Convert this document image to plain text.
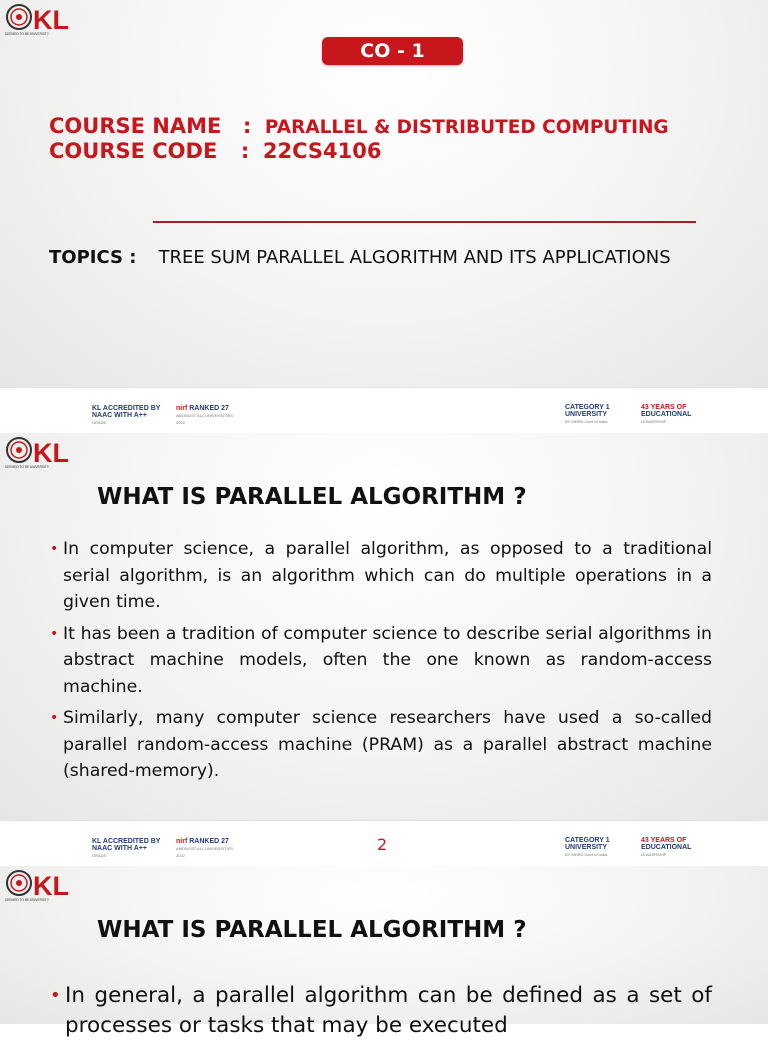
KL
DEEMED TO BE UNIVERSITY
CO - 1
COURSE NAME : PARALLEL & DISTRIBUTED COMPUTING
COURSE CODE : 22CS4106
TOPICS : TREE SUM PARALLEL ALGORITHM AND ITS APPLICATIONS
KL ACCREDITED BY
NAAC WITH A++
GRADE
nirf RANKED 27
AMONGST ALL UNIVERSITIES
2022
CATEGORY 1
UNIVERSITY
BY MHRD-Govt of India
43 YEARS OF
EDUCATIONAL
LEADERSHIP
KL
DEEMED TO BE UNIVERSITY
WHAT IS PARALLEL ALGORITHM ?
• In computer science, a parallel algorithm, as opposed to a traditional serial algorithm, is an algorithm which can do multiple operations in a given time.
• It has been a tradition of computer science to describe serial algorithms in abstract machine models, often the one known as random-access machine.
• Similarly, many computer science researchers have used a so-called parallel random-access machine (PRAM) as a parallel abstract machine (shared-memory).
KL ACCREDITED BY
NAAC WITH A++
GRADE
nirf RANKED 27
AMONGST ALL UNIVERSITIES
2022
2	CATEGORY 1
UNIVERSITY
BY MHRD-Govt of India
43 YEARS OF
EDUCATIONAL
LEADERSHIP
KL
DEEMED TO BE UNIVERSITY
WHAT IS PARALLEL ALGORITHM ?
• In general, a parallel algorithm can be defined as a set of processes or tasks that may be executed
